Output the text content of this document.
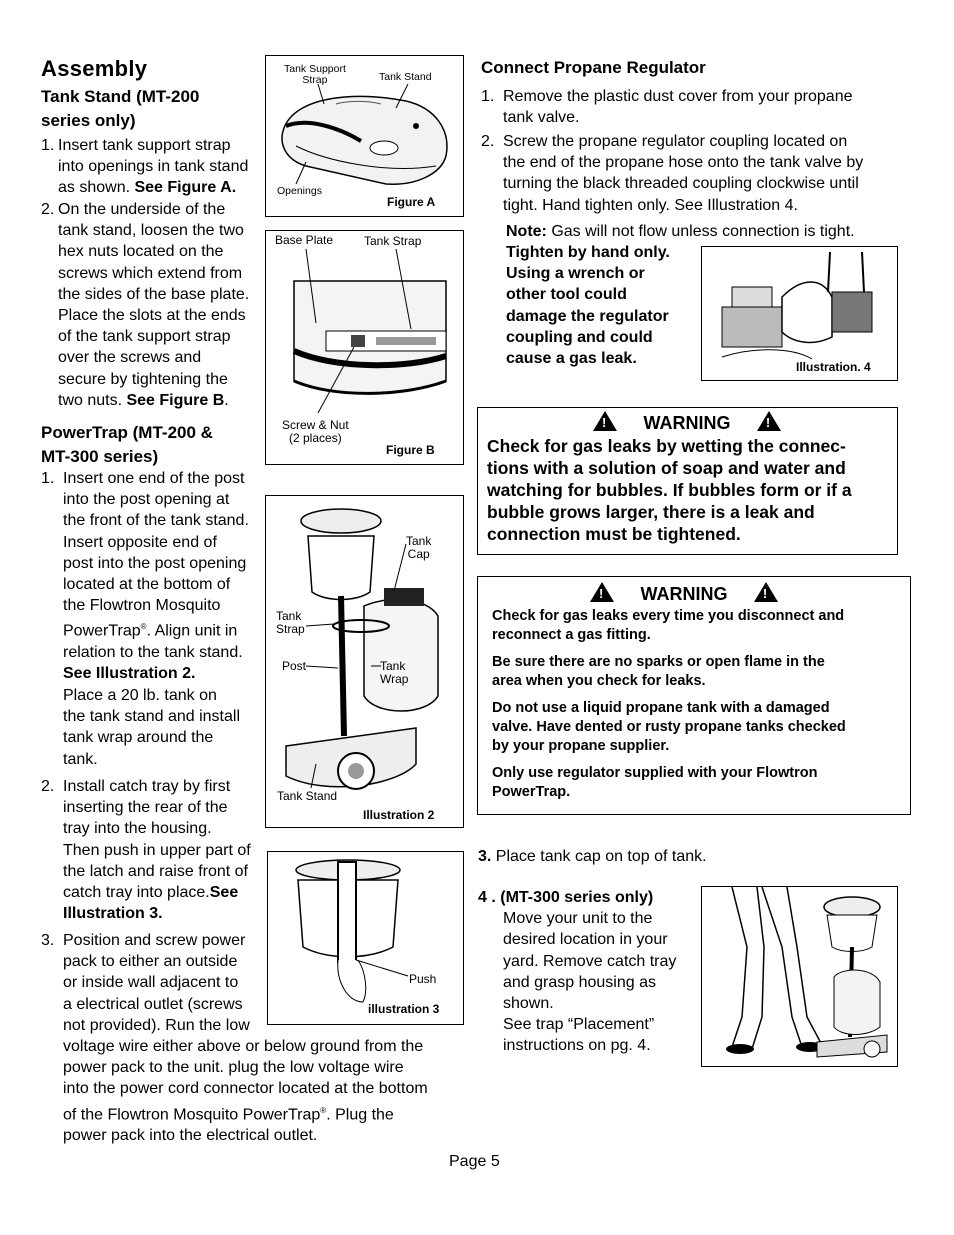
Assembly
Tank Stand (MT-200
series only)
1. Insert tank support strap
into openings in tank stand
as shown. See Figure A.
2. On the underside of the
tank stand, loosen the two
hex nuts located on the
screws which extend from
the sides of the base plate.
Place the slots at the ends
of the tank support strap
over the screws and
secure by tightening the
two nuts. See Figure B.
PowerTrap (MT-200 &
MT-300 series)
1. Insert one end of the post
into the post opening at
the front of the tank stand.
Insert opposite end of
post into the post opening
located at the bottom of
the Flowtron Mosquito
PowerTrap®. Align unit in
relation to the tank stand.
See Illustration 2.
Place a 20 lb. tank on
the tank stand and install
tank wrap around the
tank.
2. Install catch tray by first
inserting the rear of the
tray into the housing.
Then push in upper part of
the latch and raise front of
catch tray into place.See
Illustration 3.
3. Position and screw power
pack to either an outside
or inside wall adjacent to
a electrical outlet (screws
not provided). Run the low
voltage wire either above or below ground from the
power pack to the unit. plug the low voltage wire
into the power cord connector located at the bottom
of the Flowtron Mosquito PowerTrap®. Plug the
power pack into the electrical outlet.
Tank Support
Strap	Tank Stand
Openings
Figure A
Base Plate	Tank Strap
Screw & Nut
(2 places)
Figure B
Tank
Cap
Tank
Strap
Post	Tank
Wrap
Tank Stand
Illustration 2
Push
illustration 3
Connect Propane Regulator
1. Remove the plastic dust cover from your propane
tank valve.
2. Screw the propane regulator coupling located on
the end of the propane hose onto the tank valve by
turning the black threaded coupling clockwise until
tight. Hand tighten only. See Illustration 4.
Note: Gas will not flow unless connection is tight.
Tighten by hand only.
Using a wrench or
other tool could
damage the regulator
coupling and could
cause a gas leak.	Illustration. 4
! WARNING !
Check for gas leaks by wetting the connec-
tions with a solution of soap and water and
watching for bubbles. If bubbles form or if a
bubble grows larger, there is a leak and
connection must be tightened.
! WARNING !
Check for gas leaks every time you disconnect and
reconnect a gas fitting.
Be sure there are no sparks or open flame in the
area when you check for leaks.
Do not use a liquid propane tank with a damaged
valve. Have dented or rusty propane tanks checked
by your propane supplier.
Only use regulator supplied with your Flowtron
PowerTrap.
3. Place tank cap on top of tank.
4 . (MT-300 series only)
Move your unit to the
desired location in your
yard. Remove catch tray
and grasp housing as
shown.
See trap “Placement”
instructions on pg. 4.
Page 5
